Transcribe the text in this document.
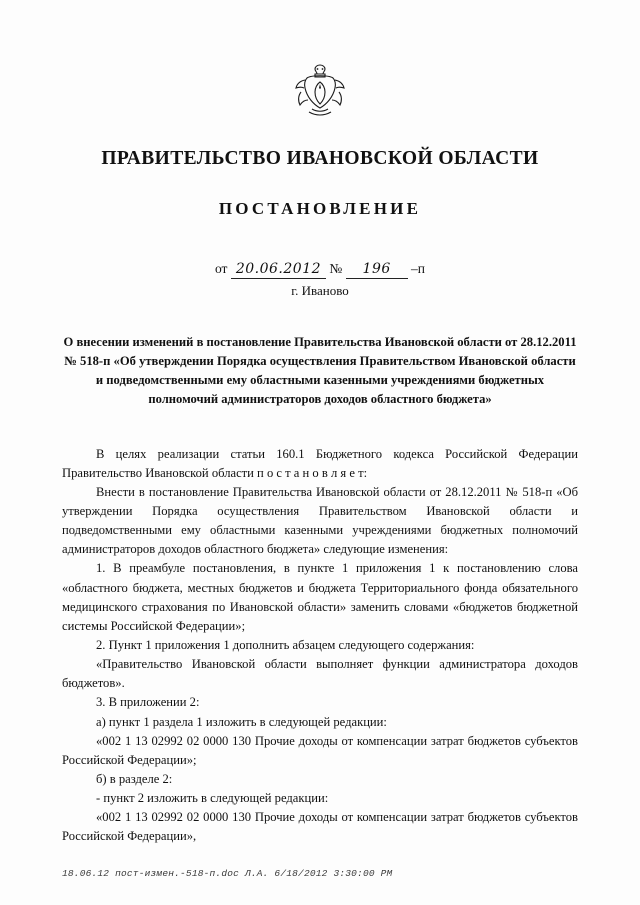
ПРАВИТЕЛЬСТВО ИВАНОВСКОЙ ОБЛАСТИ
ПОСТАНОВЛЕНИЕ
от 20.06.2012 № 196 –п
г. Иваново
О внесении изменений в постановление Правительства Ивановской области от 28.12.2011 № 518-п «Об утверждении Порядка осуществления Правительством Ивановской области и подведомственными ему областными казенными учреждениями бюджетных полномочий администраторов доходов областного бюджета»

В целях реализации статьи 160.1 Бюджетного кодекса Российской Федерации Правительство Ивановской области п о с т а н о в л я е т:

Внести в постановление Правительства Ивановской области от 28.12.2011 № 518-п «Об утверждении Порядка осуществления Правительством Ивановской области и подведомственными ему областными казенными учреждениями бюджетных полномочий администраторов доходов областного бюджета» следующие изменения:

1. В преамбуле постановления, в пункте 1 приложения 1 к постановлению слова «областного бюджета, местных бюджетов и бюджета Территориального фонда обязательного медицинского страхования по Ивановской области» заменить словами «бюджетов бюджетной системы Российской Федерации»;

2. Пункт 1 приложения 1 дополнить абзацем следующего содержания:

«Правительство Ивановской области выполняет функции администратора доходов бюджетов».

3. В приложении 2:

а) пункт 1 раздела 1 изложить в следующей редакции:

«002 1 13 02992 02 0000 130 Прочие доходы от компенсации затрат бюджетов субъектов Российской Федерации»;

б) в разделе 2:

- пункт 2 изложить в следующей редакции:

«002 1 13 02992 02 0000 130 Прочие доходы от компенсации затрат бюджетов субъектов Российской Федерации»,

18.06.12 пост-измен.-518-п.doc Л.А. 6/18/2012 3:30:00 PM
